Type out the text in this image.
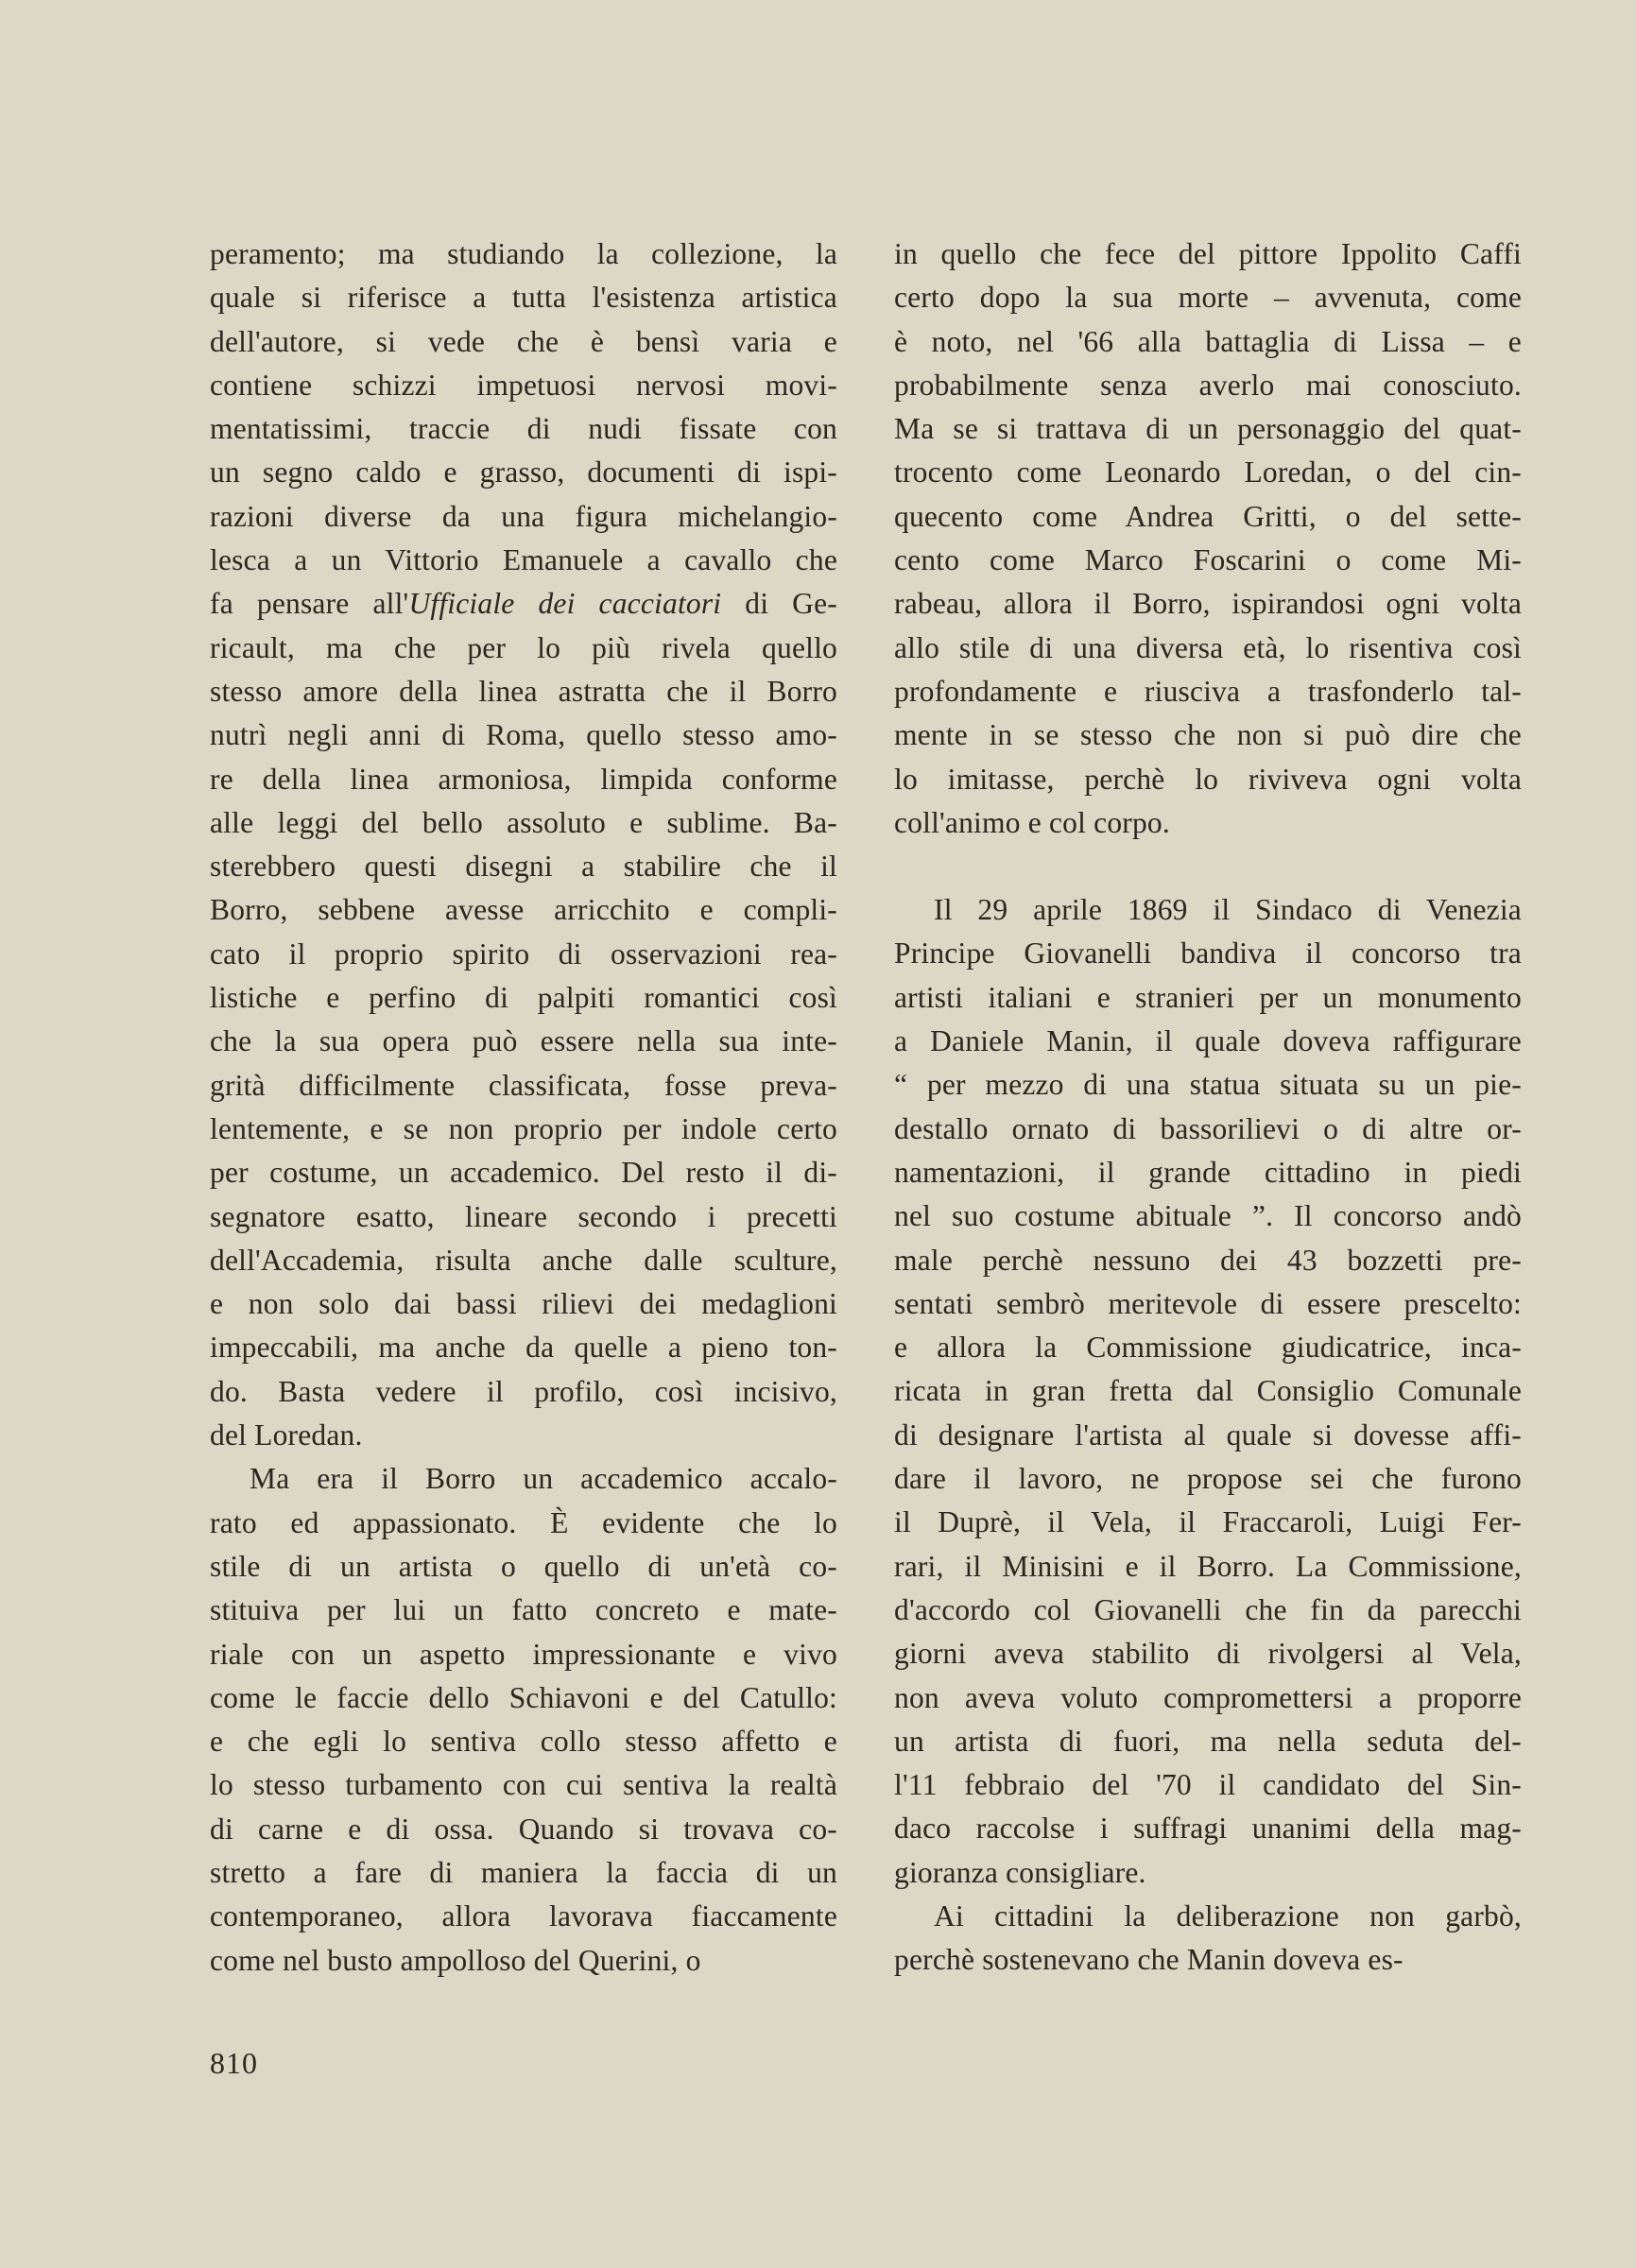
peramento; ma studiando la collezione, la
quale si riferisce a tutta l'esistenza artistica
dell'autore, si vede che è bensì varia e
contiene schizzi impetuosi nervosi movi-
mentatissimi, traccie di nudi fissate con
un segno caldo e grasso, documenti di ispi-
razioni diverse da una figura michelangio-
lesca a un Vittorio Emanuele a cavallo che
fa pensare all'Ufficiale dei cacciatori di Ge-
ricault, ma che per lo più rivela quello
stesso amore della linea astratta che il Borro
nutrì negli anni di Roma, quello stesso amo-
re della linea armoniosa, limpida conforme
alle leggi del bello assoluto e sublime. Ba-
sterebbero questi disegni a stabilire che il
Borro, sebbene avesse arricchito e compli-
cato il proprio spirito di osservazioni rea-
listiche e perfino di palpiti romantici così
che la sua opera può essere nella sua inte-
grità difficilmente classificata, fosse preva-
lentemente, e se non proprio per indole certo
per costume, un accademico. Del resto il di-
segnatore esatto, lineare secondo i precetti
dell'Accademia, risulta anche dalle sculture,
e non solo dai bassi rilievi dei medaglioni
impeccabili, ma anche da quelle a pieno ton-
do. Basta vedere il profilo, così incisivo,
del Loredan.
Ma era il Borro un accademico accalo-
rato ed appassionato. È evidente che lo
stile di un artista o quello di un'età co-
stituiva per lui un fatto concreto e mate-
riale con un aspetto impressionante e vivo
come le faccie dello Schiavoni e del Catullo:
e che egli lo sentiva collo stesso affetto e
lo stesso turbamento con cui sentiva la realtà
di carne e di ossa. Quando si trovava co-
stretto a fare di maniera la faccia di un
contemporaneo, allora lavorava fiaccamente
come nel busto ampolloso del Querini, o
in quello che fece del pittore Ippolito Caffi
certo dopo la sua morte – avvenuta, come
è noto, nel '66 alla battaglia di Lissa – e
probabilmente senza averlo mai conosciuto.
Ma se si trattava di un personaggio del quat-
trocento come Leonardo Loredan, o del cin-
quecento come Andrea Gritti, o del sette-
cento come Marco Foscarini o come Mi-
rabeau, allora il Borro, ispirandosi ogni volta
allo stile di una diversa età, lo risentiva così
profondamente e riusciva a trasfonderlo tal-
mente in se stesso che non si può dire che
lo imitasse, perchè lo riviveva ogni volta
coll'animo e col corpo.
Il 29 aprile 1869 il Sindaco di Venezia
Principe Giovanelli bandiva il concorso tra
artisti italiani e stranieri per un monumento
a Daniele Manin, il quale doveva raffigurare
“ per mezzo di una statua situata su un pie-
destallo ornato di bassorilievi o di altre or-
namentazioni, il grande cittadino in piedi
nel suo costume abituale ”. Il concorso andò
male perchè nessuno dei 43 bozzetti pre-
sentati sembrò meritevole di essere prescelto:
e allora la Commissione giudicatrice, inca-
ricata in gran fretta dal Consiglio Comunale
di designare l'artista al quale si dovesse affi-
dare il lavoro, ne propose sei che furono
il Duprè, il Vela, il Fraccaroli, Luigi Fer-
rari, il Minisini e il Borro. La Commissione,
d'accordo col Giovanelli che fin da parecchi
giorni aveva stabilito di rivolgersi al Vela,
non aveva voluto compromettersi a proporre
un artista di fuori, ma nella seduta del-
l'11 febbraio del '70 il candidato del Sin-
daco raccolse i suffragi unanimi della mag-
gioranza consigliare.
Ai cittadini la deliberazione non garbò,
perchè sostenevano che Manin doveva es-
810
